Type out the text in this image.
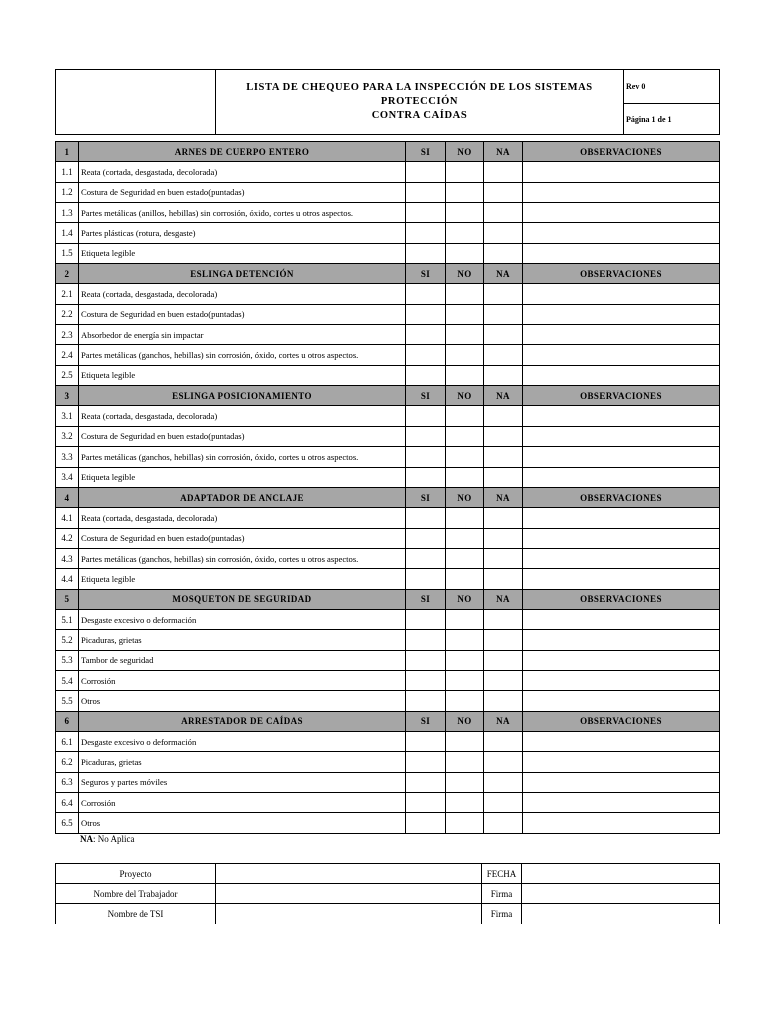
	LISTA DE CHEQUEO PARA LA INSPECCIÓN DE LOS SISTEMAS PROTECCIÓN
CONTRA CAÍDAS	Rev 0
Página 1 de 1
1	ARNES DE CUERPO ENTERO	SI	NO	NA	OBSERVACIONES
1.1	Reata (cortada, desgastada, decolorada)				
1.2	Costura de Seguridad en buen estado(puntadas)				
1.3	Partes metálicas (anillos, hebillas) sin corrosión, óxido, cortes u otros aspectos.				
1.4	Partes plásticas (rotura, desgaste)				
1.5	Etiqueta legible				
2	ESLINGA DETENCIÓN	SI	NO	NA	OBSERVACIONES
2.1	Reata (cortada, desgastada, decolorada)				
2.2	Costura de Seguridad en buen estado(puntadas)				
2.3	Absorbedor de energía sin impactar				
2.4	Partes metálicas (ganchos, hebillas) sin corrosión, óxido, cortes u otros aspectos.				
2.5	Etiqueta legible				
3	ESLINGA POSICIONAMIENTO	SI	NO	NA	OBSERVACIONES
3.1	Reata (cortada, desgastada, decolorada)				
3.2	Costura de Seguridad en buen estado(puntadas)				
3.3	Partes metálicas (ganchos, hebillas) sin corrosión, óxido, cortes u otros aspectos.				
3.4	Etiqueta legible				
4	ADAPTADOR DE ANCLAJE	SI	NO	NA	OBSERVACIONES
4.1	Reata (cortada, desgastada, decolorada)				
4.2	Costura de Seguridad en buen estado(puntadas)				
4.3	Partes metálicas (ganchos, hebillas) sin corrosión, óxido, cortes u otros aspectos.				
4.4	Etiqueta legible				
5	MOSQUETON DE SEGURIDAD	SI	NO	NA	OBSERVACIONES
5.1	Desgaste excesivo o deformación				
5.2	Picaduras, grietas				
5.3	Tambor de seguridad				
5.4	Corrosión				
5.5	Otros				
6	ARRESTADOR DE CAÍDAS	SI	NO	NA	OBSERVACIONES
6.1	Desgaste excesivo o deformación				
6.2	Picaduras, grietas				
6.3	Seguros y partes móviles				
6.4	Corrosión				
6.5	Otros				
NA: No Aplica
Proyecto		FECHA	
Nombre del Trabajador		Firma	
Nombre de TSI		Firma	
